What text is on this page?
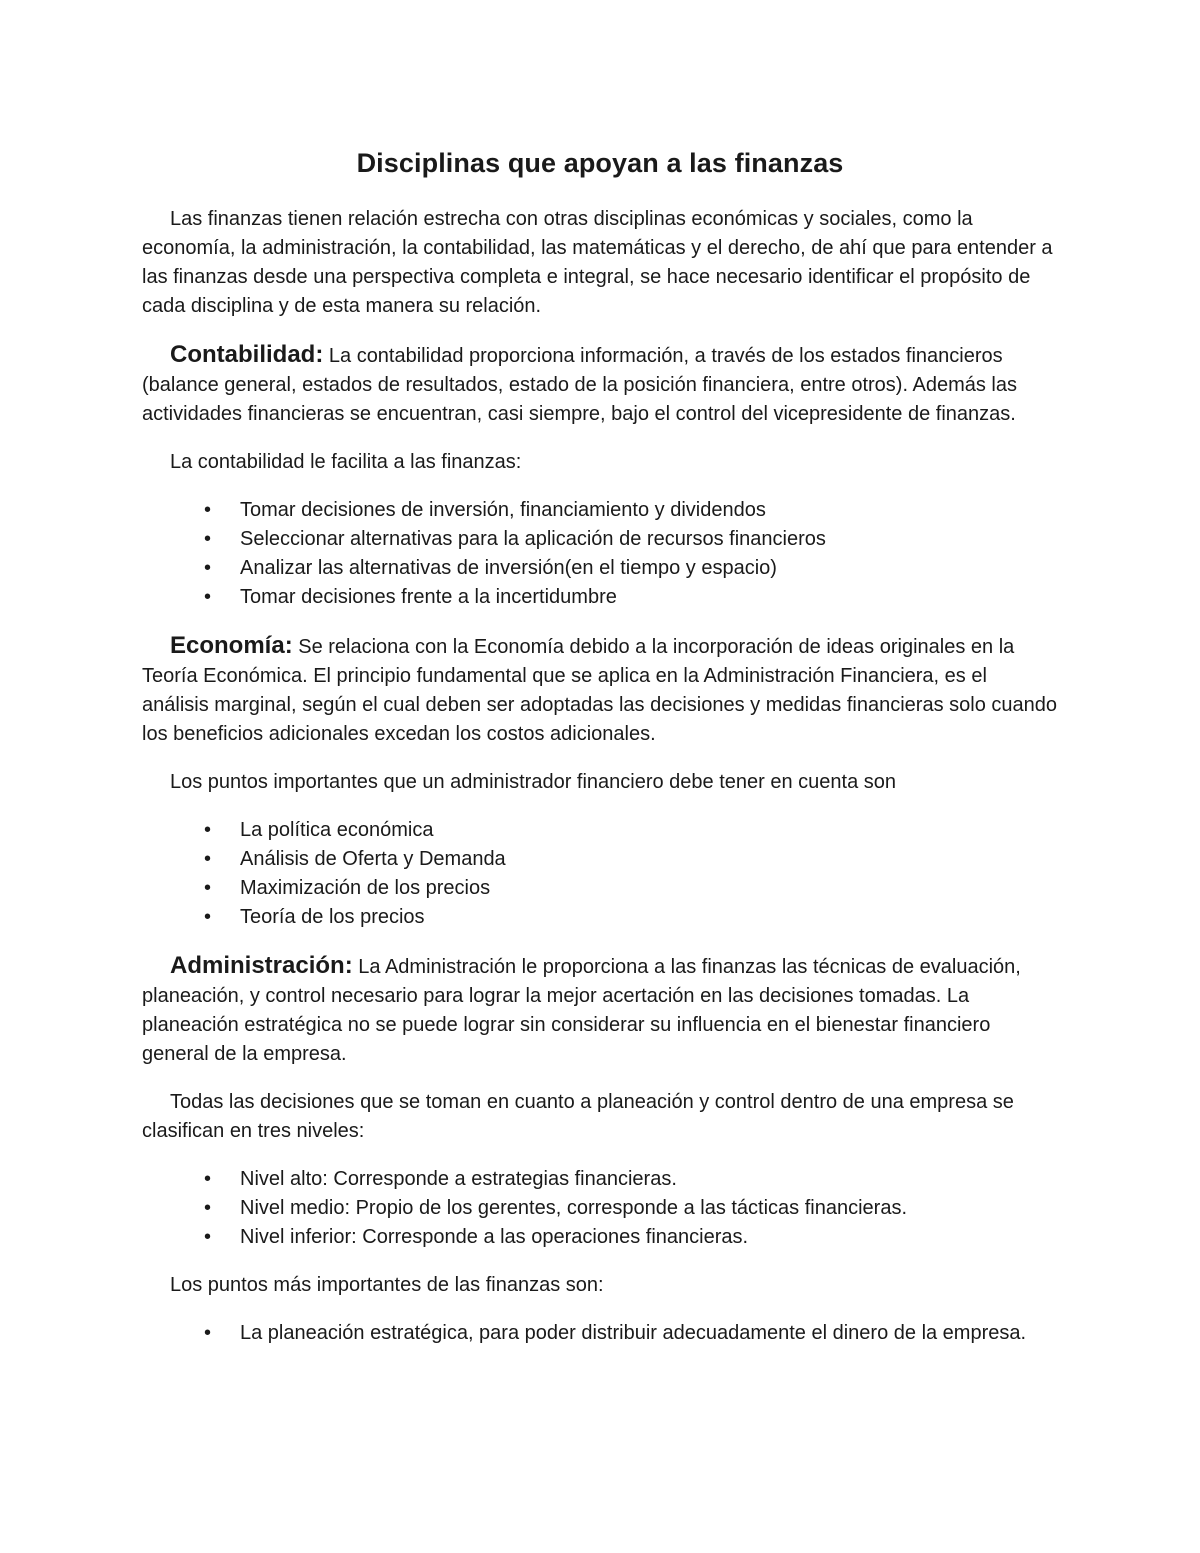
Disciplinas que apoyan a las finanzas

Las finanzas tienen relación estrecha con otras disciplinas económicas y sociales, como la economía, la administración, la contabilidad, las matemáticas y el derecho, de ahí que para entender a las finanzas desde una perspectiva completa e integral, se hace necesario identificar el propósito de cada disciplina y de esta manera su relación.

Contabilidad: La contabilidad proporciona información, a través de los estados financieros (balance general, estados de resultados, estado de la posición financiera, entre otros). Además las actividades financieras se encuentran, casi siempre, bajo el control del vicepresidente de finanzas.

La contabilidad le facilita a las finanzas:

• Tomar decisiones de inversión, financiamiento y dividendos
• Seleccionar alternativas para la aplicación de recursos financieros
• Analizar las alternativas de inversión(en el tiempo y espacio)
• Tomar decisiones frente a la incertidumbre

Economía: Se relaciona con la Economía debido a la incorporación de ideas originales en la Teoría Económica. El principio fundamental que se aplica en la Administración Financiera, es el análisis marginal, según el cual deben ser adoptadas las decisiones y medidas financieras solo cuando los beneficios adicionales excedan los costos adicionales.

Los puntos importantes que un administrador financiero debe tener en cuenta son

• La política económica
• Análisis de Oferta y Demanda
• Maximización de los precios
• Teoría de los precios

Administración: La Administración le proporciona a las finanzas las técnicas de evaluación, planeación, y control necesario para lograr la mejor acertación en las decisiones tomadas. La planeación estratégica no se puede lograr sin considerar su influencia en el bienestar financiero general de la empresa.

Todas las decisiones que se toman en cuanto a planeación y control dentro de una empresa se clasifican en tres niveles:

• Nivel alto: Corresponde a estrategias financieras.
• Nivel medio: Propio de los gerentes, corresponde a las tácticas financieras.
• Nivel inferior: Corresponde a las operaciones financieras.

Los puntos más importantes de las finanzas son:

• La planeación estratégica, para poder distribuir adecuadamente el dinero de la empresa.
